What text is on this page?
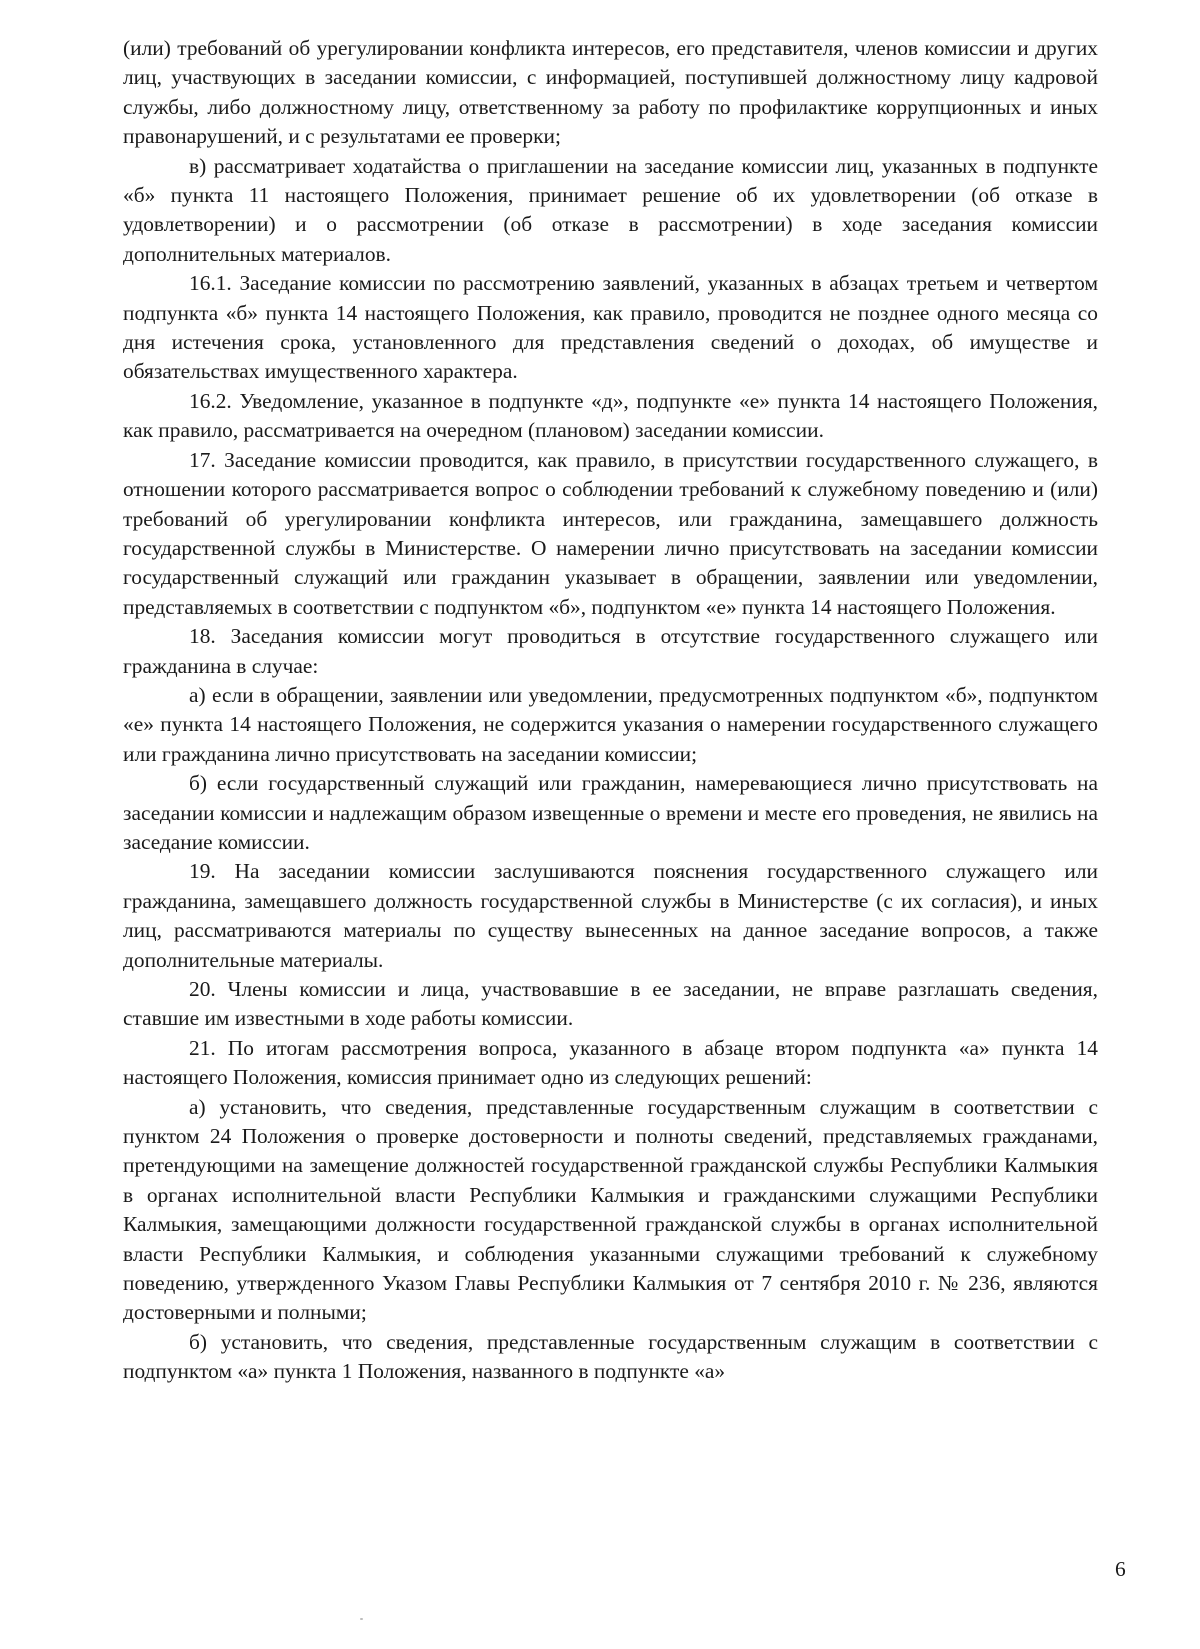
(или) требований об урегулировании конфликта интересов, его представителя, членов комиссии и других лиц, участвующих в заседании комиссии, с информацией, поступившей должностному лицу кадровой службы, либо должностному лицу, ответственному за работу по профилактике коррупционных и иных правонарушений, и с результатами ее проверки;

в) рассматривает ходатайства о приглашении на заседание комиссии лиц, указанных в подпункте «б» пункта 11 настоящего Положения, принимает решение об их удовлетворении (об отказе в удовлетворении) и о рассмотрении (об отказе в рассмотрении) в ходе заседания комиссии дополнительных материалов.

16.1. Заседание комиссии по рассмотрению заявлений, указанных в абзацах третьем и четвертом подпункта «б» пункта 14 настоящего Положения, как правило, проводится не позднее одного месяца со дня истечения срока, установленного для представления сведений о доходах, об имуществе и обязательствах имущественного характера.

16.2. Уведомление, указанное в подпункте «д», подпункте «е» пункта 14 настоящего Положения, как правило, рассматривается на очередном (плановом) заседании комиссии.

17. Заседание комиссии проводится, как правило, в присутствии государственного служащего, в отношении которого рассматривается вопрос о соблюдении требований к служебному поведению и (или) требований об урегулировании конфликта интересов, или гражданина, замещавшего должность государственной службы в Министерстве. О намерении лично присутствовать на заседании комиссии государственный служащий или гражданин указывает в обращении, заявлении или уведомлении, представляемых в соответствии с подпунктом «б», подпунктом «е» пункта 14 настоящего Положения.

18. Заседания комиссии могут проводиться в отсутствие государственного служащего или гражданина в случае:

а) если в обращении, заявлении или уведомлении, предусмотренных подпунктом «б», подпунктом «е» пункта 14 настоящего Положения, не содержится указания о намерении государственного служащего или гражданина лично присутствовать на заседании комиссии;

б) если государственный служащий или гражданин, намеревающиеся лично присутствовать на заседании комиссии и надлежащим образом извещенные о времени и месте его проведения, не явились на заседание комиссии.

19. На заседании комиссии заслушиваются пояснения государственного служащего или гражданина, замещавшего должность государственной службы в Министерстве (с их согласия), и иных лиц, рассматриваются материалы по существу вынесенных на данное заседание вопросов, а также дополнительные материалы.

20. Члены комиссии и лица, участвовавшие в ее заседании, не вправе разглашать сведения, ставшие им известными в ходе работы комиссии.

21. По итогам рассмотрения вопроса, указанного в абзаце втором подпункта «а» пункта 14 настоящего Положения, комиссия принимает одно из следующих решений:

а) установить, что сведения, представленные государственным служащим в соответствии с пунктом 24 Положения о проверке достоверности и полноты сведений, представляемых гражданами, претендующими на замещение должностей государственной гражданской службы Республики Калмыкия в органах исполнительной власти Республики Калмыкия и гражданскими служащими Республики Калмыкия, замещающими должности государственной гражданской службы в органах исполнительной власти Республики Калмыкия, и соблюдения указанными служащими требований к служебному поведению, утвержденного Указом Главы Республики Калмыкия от 7 сентября 2010 г. № 236, являются достоверными и полными;

б) установить, что сведения, представленные государственным служащим в соответствии с подпунктом «а» пункта 1 Положения, названного в подпункте «а»

6
